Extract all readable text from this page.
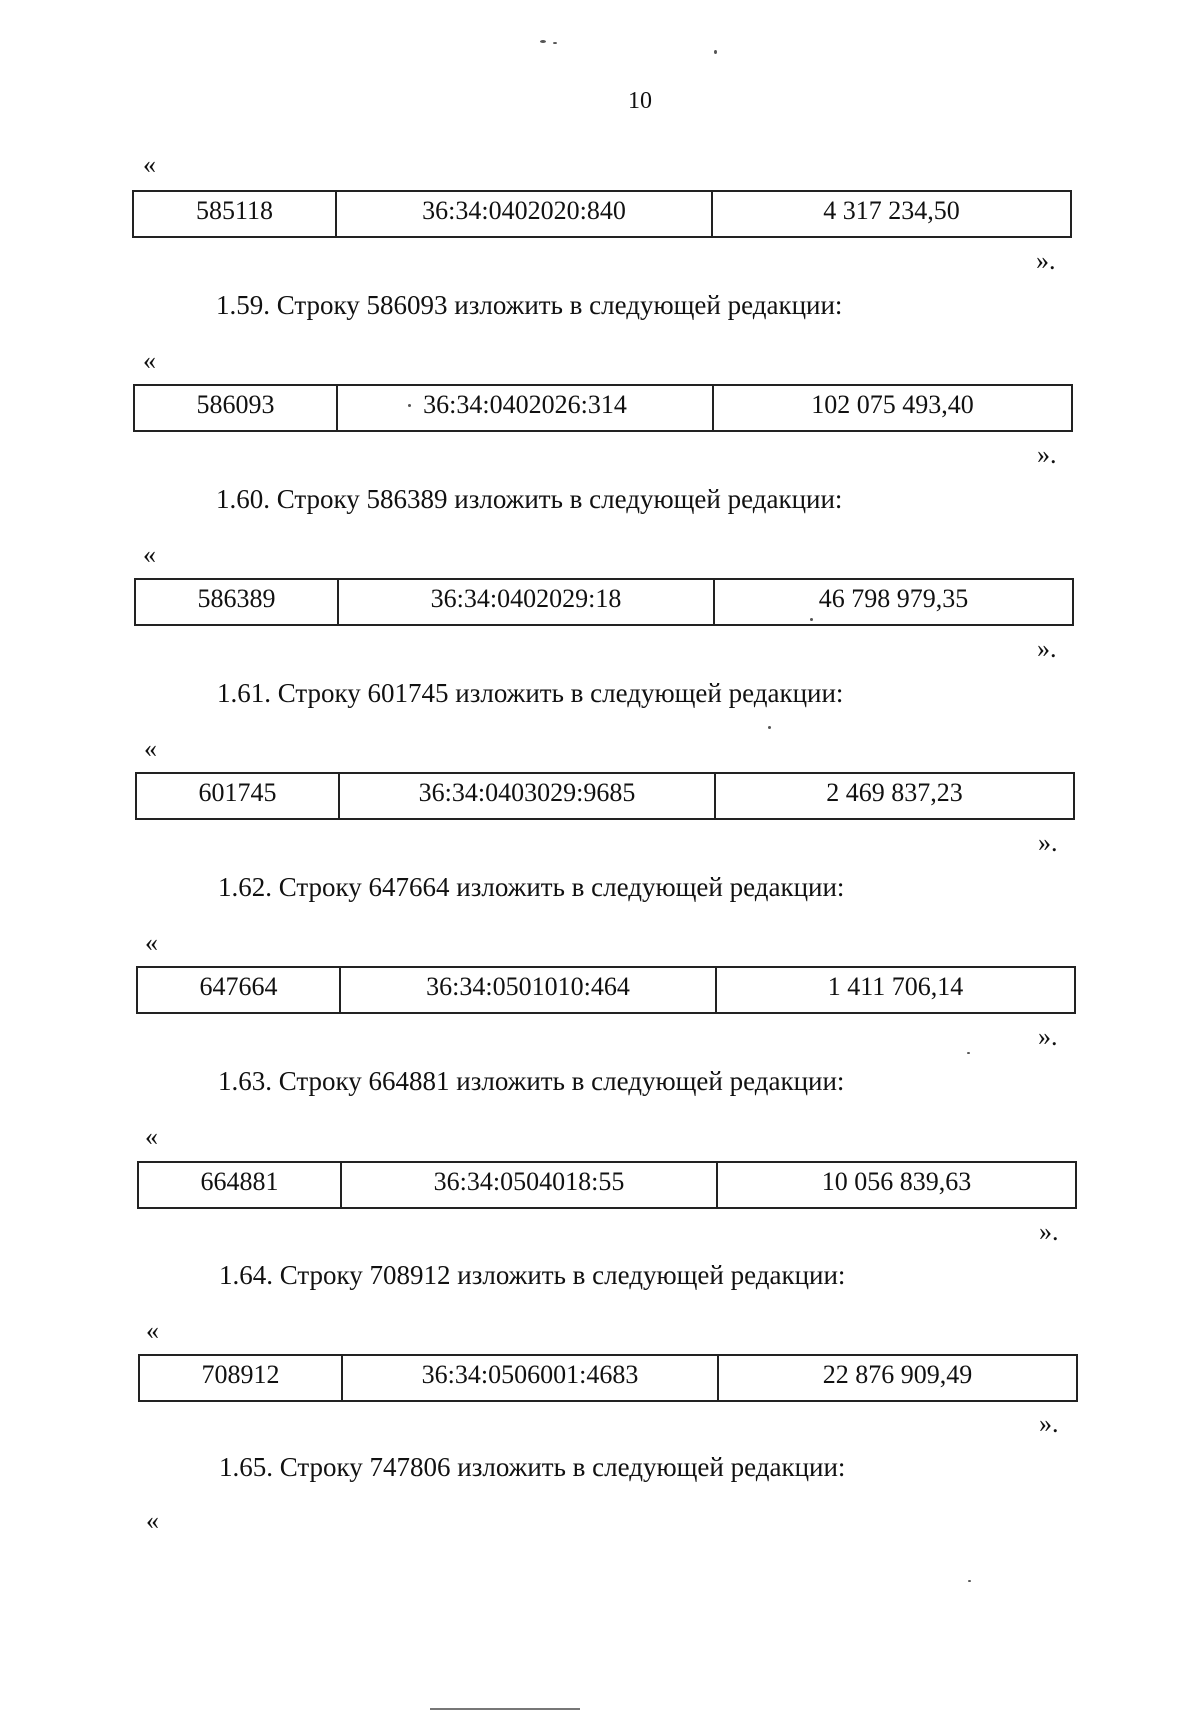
10
«
585118	36:34:0402020:840	4 317 234,50
».
1.59. Строку 586093 изложить в следующей редакции:
«
586093	36:34:0402026:314	102 075 493,40
».
1.60. Строку 586389 изложить в следующей редакции:
«
586389	36:34:0402029:18	46 798 979,35
».
1.61. Строку 601745 изложить в следующей редакции:
«
601745	36:34:0403029:9685	2 469 837,23
».
1.62. Строку 647664 изложить в следующей редакции:
«
647664	36:34:0501010:464	1 411 706,14
».
1.63. Строку 664881 изложить в следующей редакции:
«
664881	36:34:0504018:55	10 056 839,63
».
1.64. Строку 708912 изложить в следующей редакции:
«
708912	36:34:0506001:4683	22 876 909,49
».
1.65. Строку 747806 изложить в следующей редакции:
«
